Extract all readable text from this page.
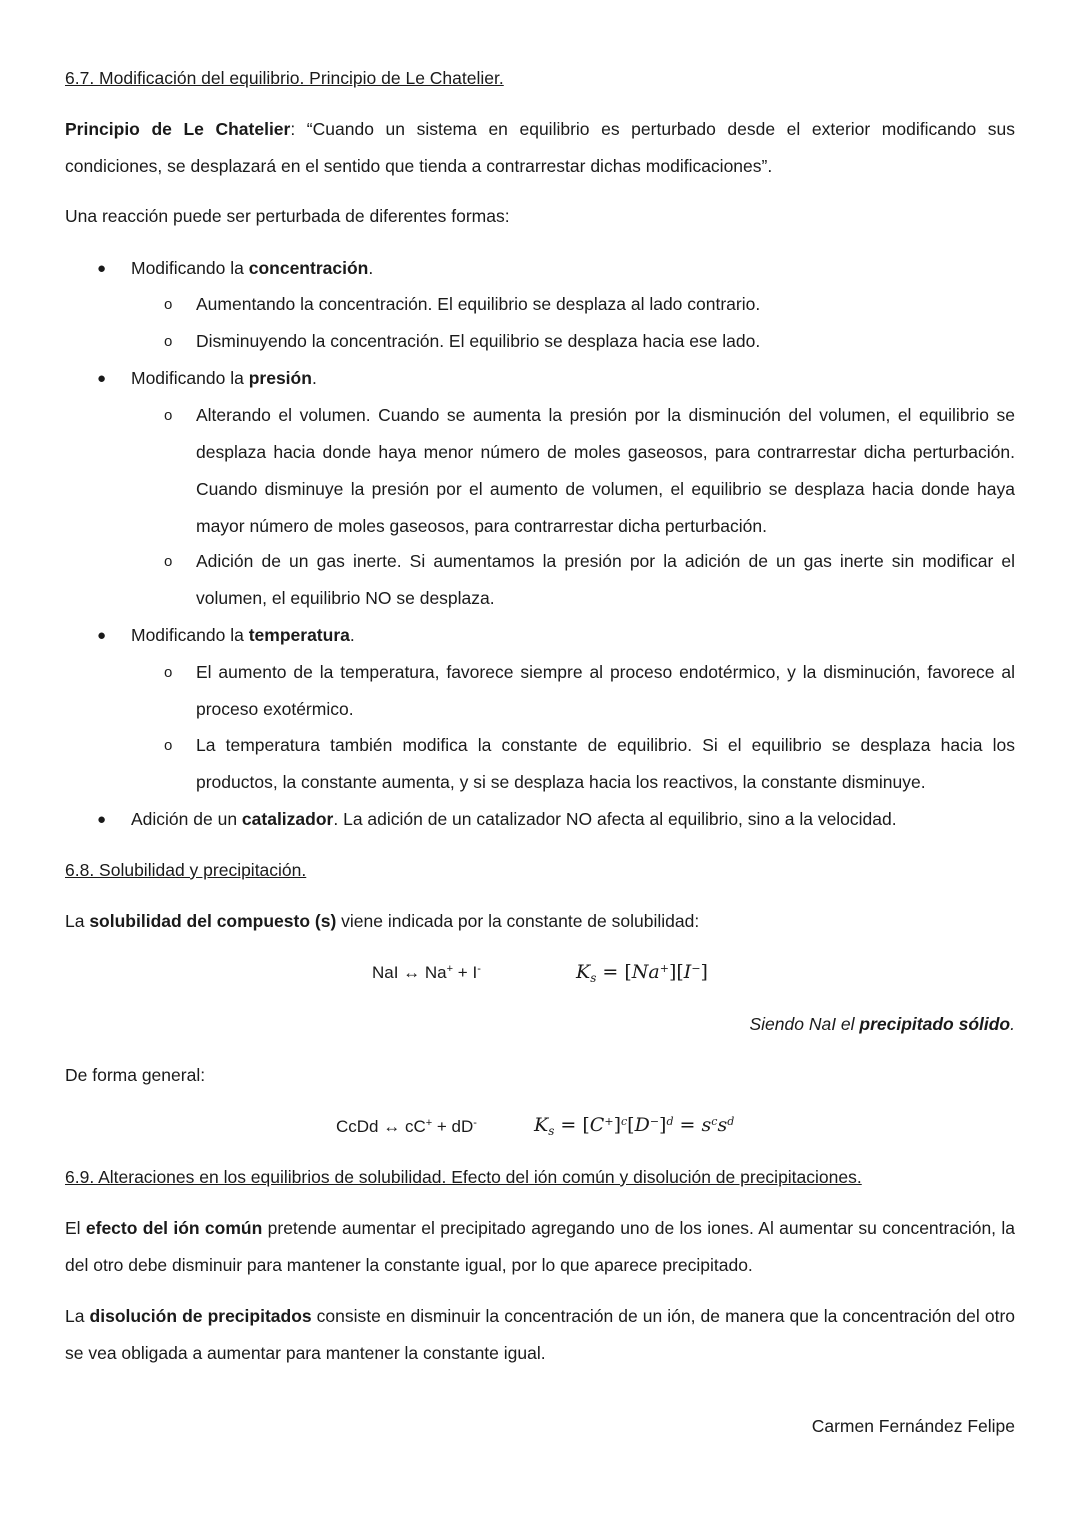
6.7. Modificación del equilibrio. Principio de Le Chatelier.
Principio de Le Chatelier: “Cuando un sistema en equilibrio es perturbado desde el exterior modificando sus condiciones, se desplazará en el sentido que tienda a contrarrestar dichas modificaciones”.
Una reacción puede ser perturbada de diferentes formas:
● Modificando la concentración.
o Aumentando la concentración. El equilibrio se desplaza al lado contrario.
o Disminuyendo la concentración. El equilibrio se desplaza hacia ese lado.
● Modificando la presión.
o Alterando el volumen. Cuando se aumenta la presión por la disminución del volumen, el equilibrio se desplaza hacia donde haya menor número de moles gaseosos, para contrarrestar dicha perturbación. Cuando disminuye la presión por el aumento de volumen, el equilibrio se desplaza hacia donde haya mayor número de moles gaseosos, para contrarrestar dicha perturbación.
o Adición de un gas inerte. Si aumentamos la presión por la adición de un gas inerte sin modificar el volumen, el equilibrio NO se desplaza.
● Modificando la temperatura.
o El aumento de la temperatura, favorece siempre al proceso endotérmico, y la disminución, favorece al proceso exotérmico.
o La temperatura también modifica la constante de equilibrio. Si el equilibrio se desplaza hacia los productos, la constante aumenta, y si se desplaza hacia los reactivos, la constante disminuye.
● Adición de un catalizador. La adición de un catalizador NO afecta al equilibrio, sino a la velocidad.
6.8. Solubilidad y precipitación.
La solubilidad del compuesto (s) viene indicada por la constante de solubilidad:
NaI ↔ Na+ + I-	$K_s = [Na^+][I^-]$
Siendo NaI el precipitado sólido.
De forma general:
CcDd ↔ cC+ + dD-	$K_s = [C^+]^c[D^-]^d = s^cs^d$
6.9. Alteraciones en los equilibrios de solubilidad. Efecto del ión común y disolución de precipitaciones.
El efecto del ión común pretende aumentar el precipitado agregando uno de los iones. Al aumentar su concentración, la del otro debe disminuir para mantener la constante igual, por lo que aparece precipitado.
La disolución de precipitados consiste en disminuir la concentración de un ión, de manera que la concentración del otro se vea obligada a aumentar para mantener la constante igual.
Carmen Fernández Felipe
